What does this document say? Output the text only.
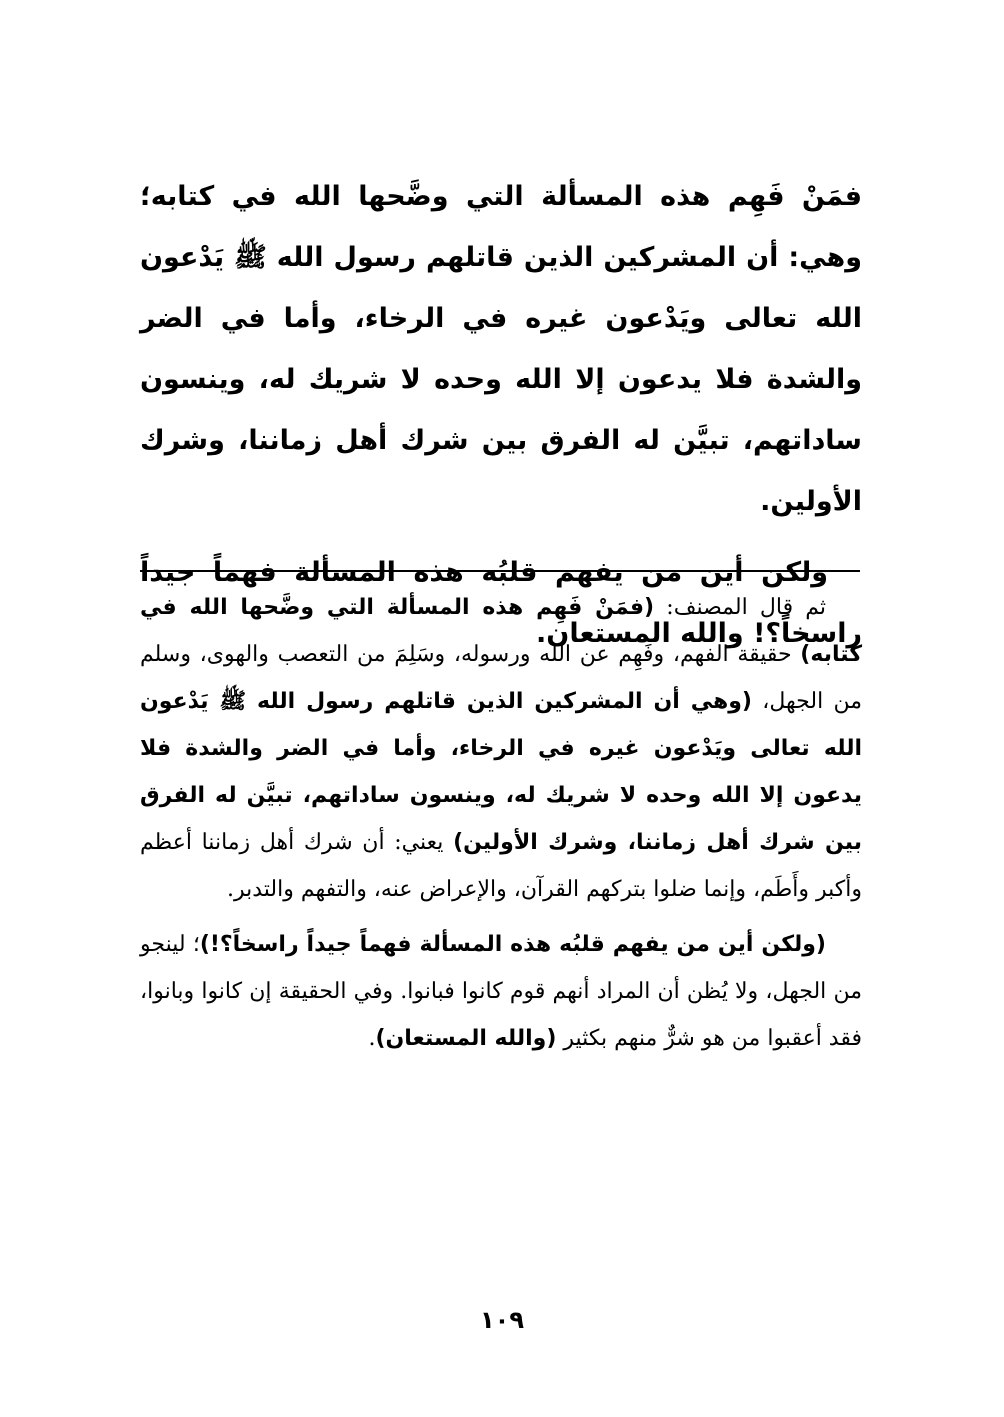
فمَنْ فَهِم هذه المسألة التي وضَّحها الله في كتابه؛ وهي: أن المشركين الذين قاتلهم رسول الله ﷺ يَدْعون الله تعالى ويَدْعون غيره في الرخاء، وأما في الضر والشدة فلا يدعون إلا الله وحده لا شريك له، وينسون ساداتهم، تبيَّن له الفرق بين شرك أهل زماننا، وشرك الأولين.

ولكن أين من يفهم قلبُه هذه المسألة فهماً جيداً راسخاً؟! والله المستعان.

ثم قال المصنف: (فمَنْ فَهِم هذه المسألة التي وضَّحها الله في كتابه) حقيقة الفهم، وفَهِم عن الله ورسوله، وسَلِمَ من التعصب والهوى، وسلم من الجهل، (وهي أن المشركين الذين قاتلهم رسول الله ﷺ يَدْعون الله تعالى ويَدْعون غيره في الرخاء، وأما في الضر والشدة فلا يدعون إلا الله وحده لا شريك له، وينسون ساداتهم، تبيَّن له الفرق بين شرك أهل زماننا، وشرك الأولين) يعني: أن شرك أهل زماننا أعظم وأكبر وأَطَم، وإنما ضلوا بتركهم القرآن، والإعراض عنه، والتفهم والتدبر.

(ولكن أين من يفهم قلبُه هذه المسألة فهماً جيداً راسخاً؟!)؛ لينجو من الجهل، ولا يُظن أن المراد أنهم قوم كانوا فبانوا. وفي الحقيقة إن كانوا وبانوا، فقد أعقبوا من هو شرٌّ منهم بكثير (والله المستعان).

١٠٩
